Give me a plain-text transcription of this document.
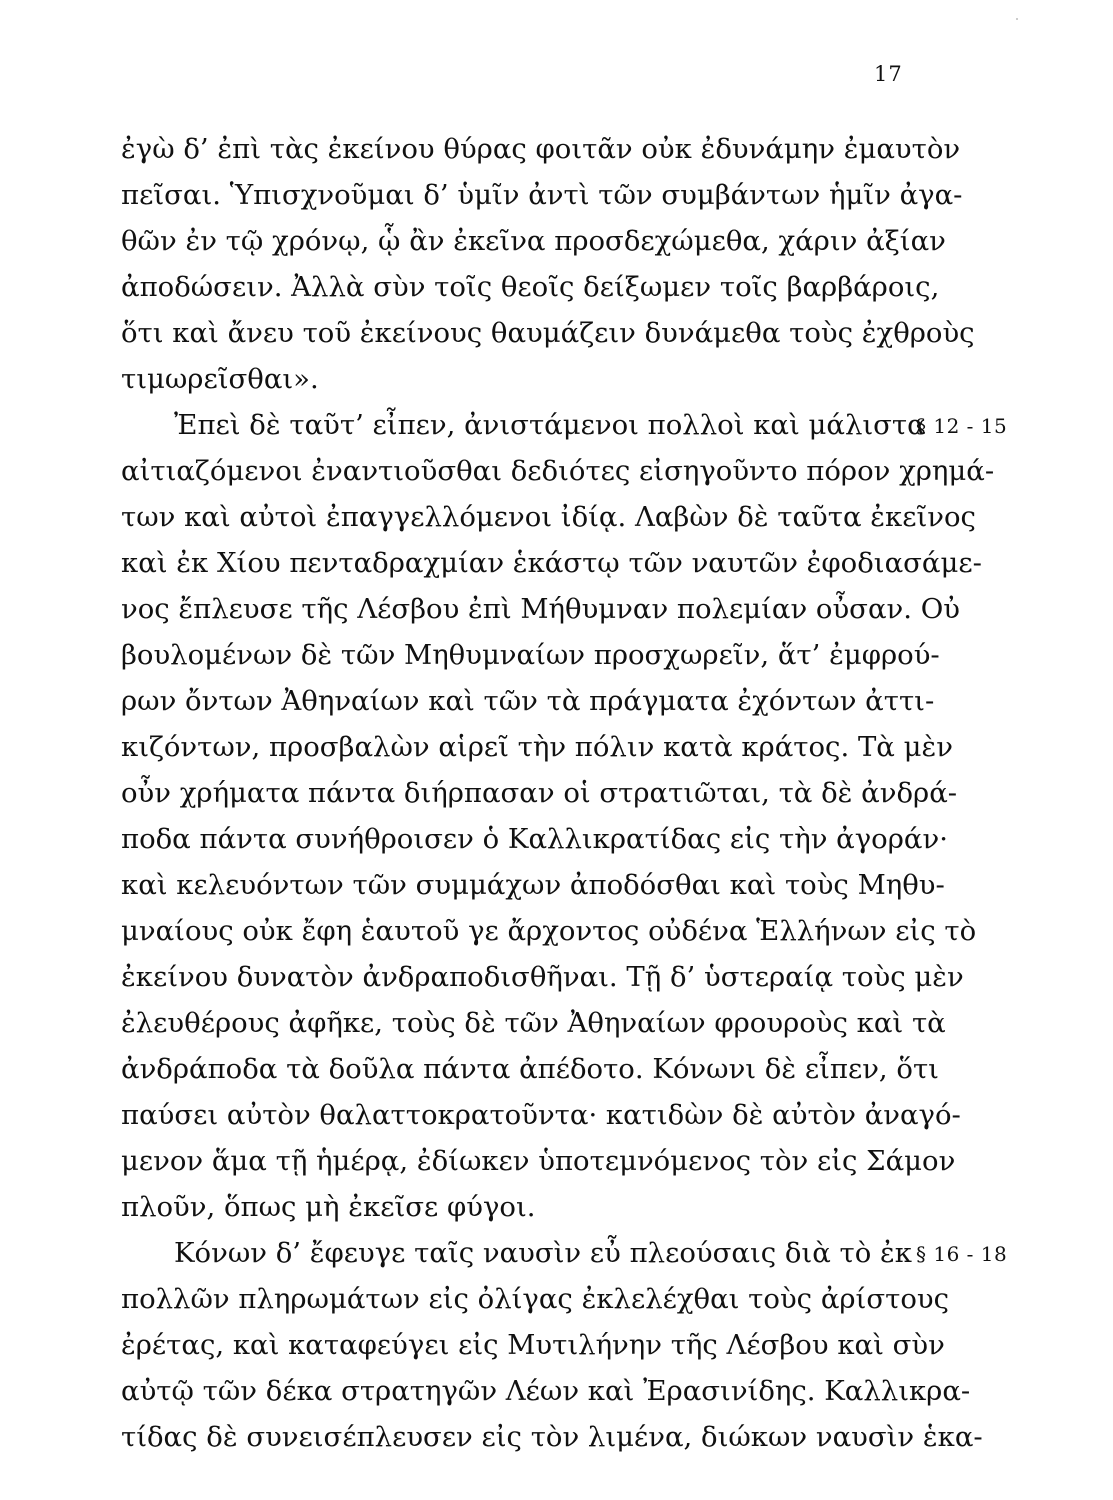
17
ἐγὼ δ’ ἐπὶ τὰς ἐκείνου θύρας φοιτᾶν οὐκ ἐδυνάμην ἐμαυτὸν
πεῖσαι. Ὑπισχνοῦμαι δ’ ὑμῖν ἀντὶ τῶν συμβάντων ἡμῖν ἀγα-
θῶν ἐν τῷ χρόνῳ, ᾧ ἂν ἐκεῖνα προσδεχώμεθα, χάριν ἀξίαν
ἀποδώσειν. Ἀλλὰ σὺν τοῖς θεοῖς δείξωμεν τοῖς βαρβάροις,
ὅτι καὶ ἄνευ τοῦ ἐκείνους θαυμάζειν δυνάμεθα τοὺς ἐχθροὺς
τιμωρεῖσθαι».
Ἐπεὶ δὲ ταῦτ’ εἶπεν, ἀνιστάμενοι πολλοὶ καὶ μάλιστα
§ 12 - 15
αἰτιαζόμενοι ἐναντιοῦσθαι δεδιότες εἰσηγοῦντο πόρον χρημά-
των καὶ αὐτοὶ ἐπαγγελλόμενοι ἰδίᾳ. Λαβὼν δὲ ταῦτα ἐκεῖνος
καὶ ἐκ Χίου πενταδραχμίαν ἑκάστῳ τῶν ναυτῶν ἐφοδιασάμε-
νος ἔπλευσε τῆς Λέσβου ἐπὶ Μήθυμναν πολεμίαν οὖσαν. Οὐ
βουλομένων δὲ τῶν Μηθυμναίων προσχωρεῖν, ἅτ’ ἐμφρού-
ρων ὄντων Ἀθηναίων καὶ τῶν τὰ πράγματα ἐχόντων ἀττι-
κιζόντων, προσβαλὼν αἱρεῖ τὴν πόλιν κατὰ κράτος. Τὰ μὲν
οὖν χρήματα πάντα διήρπασαν οἱ στρατιῶται, τὰ δὲ ἀνδρά-
ποδα πάντα συνήθροισεν ὁ Καλλικρατίδας εἰς τὴν ἀγοράν·
καὶ κελευόντων τῶν συμμάχων ἀποδόσθαι καὶ τοὺς Μηθυ-
μναίους οὐκ ἔφη ἑαυτοῦ γε ἄρχοντος οὐδένα Ἑλλήνων εἰς τὸ
ἐκείνου δυνατὸν ἀνδραποδισθῆναι. Τῇ δ’ ὑστεραίᾳ τοὺς μὲν
ἐλευθέρους ἀφῆκε, τοὺς δὲ τῶν Ἀθηναίων φρουροὺς καὶ τὰ
ἀνδράποδα τὰ δοῦλα πάντα ἀπέδοτο. Κόνωνι δὲ εἶπεν, ὅτι
παύσει αὐτὸν θαλαττοκρατοῦντα· κατιδὼν δὲ αὐτὸν ἀναγό-
μενον ἅμα τῇ ἡμέρᾳ, ἐδίωκεν ὑποτεμνόμενος τὸν εἰς Σάμον
πλοῦν, ὅπως μὴ ἐκεῖσε φύγοι.
Κόνων δ’ ἔφευγε ταῖς ναυσὶν εὖ πλεούσαις διὰ τὸ ἐκ § 16 - 18
πολλῶν πληρωμάτων εἰς ὀλίγας ἐκλελέχθαι τοὺς ἀρίστους
ἐρέτας, καὶ καταφεύγει εἰς Μυτιλήνην τῆς Λέσβου καὶ σὺν
αὐτῷ τῶν δέκα στρατηγῶν Λέων καὶ Ἐρασινίδης. Καλλικρα-
τίδας δὲ συνεισέπλευσεν εἰς τὸν λιμένα, διώκων ναυσὶν ἑκα-
